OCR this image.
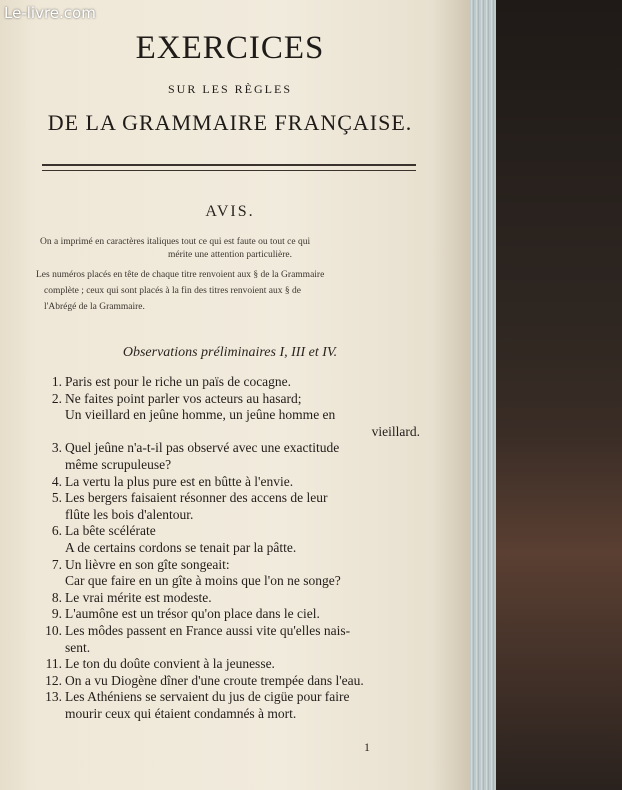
Le-livre.com
EXERCICES
SUR LES RÈGLES
DE LA GRAMMAIRE FRANÇAISE.
AVIS.
On a imprimé en caractères italiques tout ce qui est faute ou tout ce qui
mérite une attention particulière.
Les numéros placés en tête de chaque titre renvoient aux § de la Grammaire
complète ; ceux qui sont placés à la fin des titres renvoient aux § de
l'Abrégé de la Grammaire.
Observations préliminaires I, III et IV.
1. Paris est pour le riche un païs de cocagne.
2. Ne faites point parler vos acteurs au hasard;
Un vieillard en jeûne homme, un jeûne homme en
vieillard.
3. Quel jeûne n'a-t-il pas observé avec une exactitude
même scrupuleuse?
4. La vertu la plus pure est en bûtte à l'envie.
5. Les bergers faisaient résonner des accens de leur
flûte les bois d'alentour.
6. La bête scélérate
A de certains cordons se tenait par la pâtte.
7. Un lièvre en son gîte songeait:
Car que faire en un gîte à moins que l'on ne songe?
8. Le vrai mérite est modeste.
9. L'aumône est un trésor qu'on place dans le ciel.
10. Les môdes passent en France aussi vite qu'elles nais-
sent.
11. Le ton du doûte convient à la jeunesse.
12. On a vu Diogène dîner d'une croute trempée dans l'eau.
13. Les Athéniens se servaient du jus de cigüe pour faire
mourir ceux qui étaient condamnés à mort.
1
